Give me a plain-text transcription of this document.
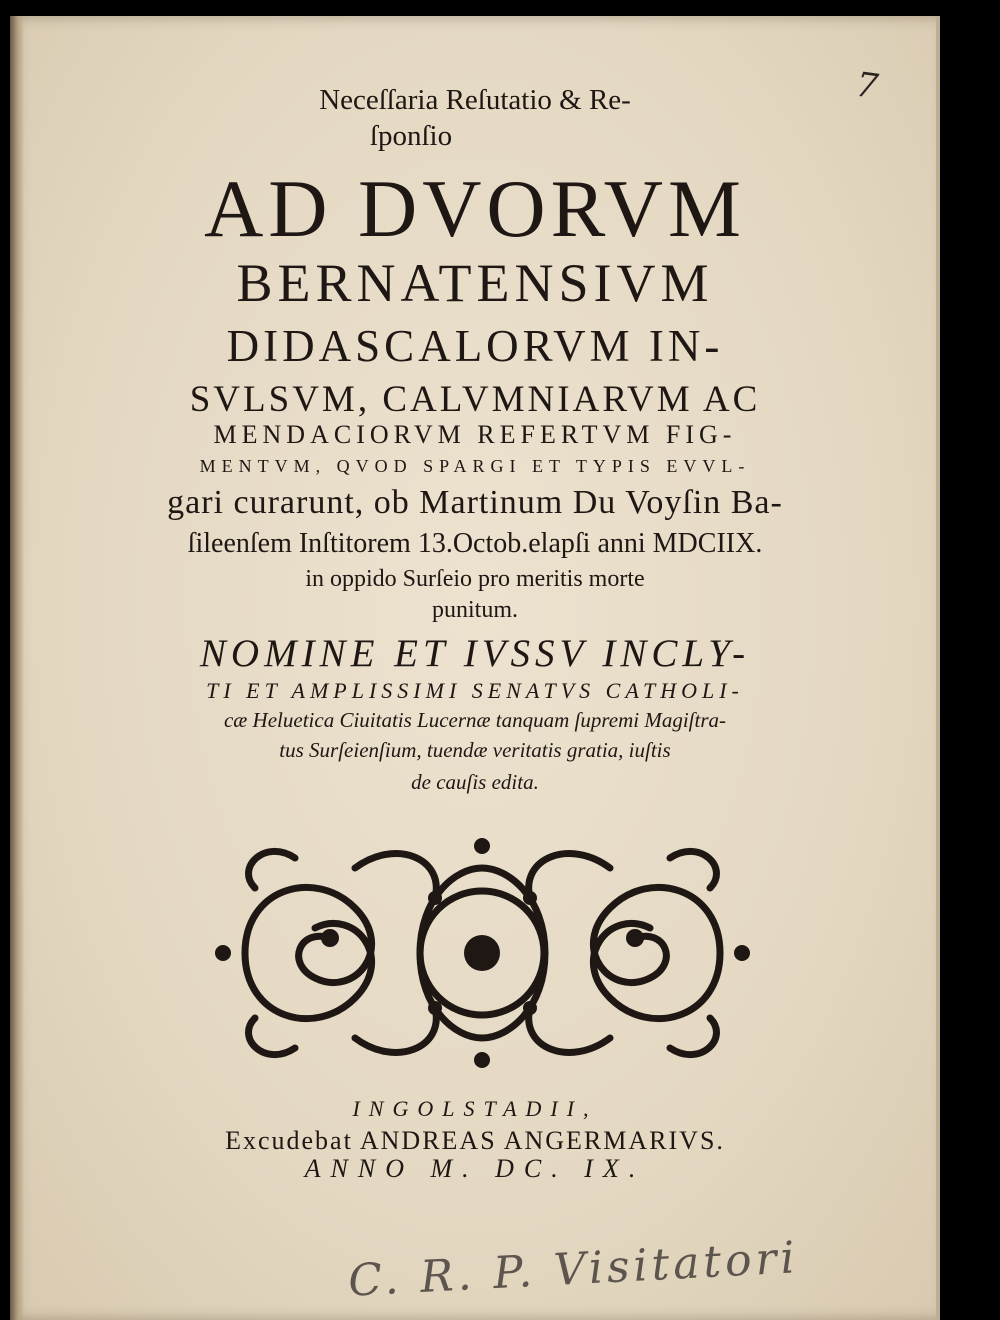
7
Neceſſaria Reſutatio & Re-
ſponſio
AD DVORVM
BERNATENSIVM
DIDASCALORVM IN-
SVLSVM, CALVMNIARVM AC
MENDACIORVM REFERTVM FIG-
MENTVM, QVOD SPARGI ET TYPIS EVVL-
gari curarunt, ob Martinum Du Voyſin Ba-
ſileenſem Inſtitorem 13.Octob.elapſi anni MDCIIX.
in oppido Surſeio pro meritis morte
punitum.
NOMINE ET IVSSV INCLY-
TI ET AMPLISSIMI SENATVS CATHOLI-
cæ Heluetica Ciuitatis Lucernæ tanquam ſupremi Magiſtra-
tus Surſeienſium, tuendæ veritatis gratia, iuſtis
de cauſis edita.
INGOLSTADII,
Excudebat ANDREAS ANGERMARIVS.
ANNO M. DC. IX.
C. R. P. Visitatori
